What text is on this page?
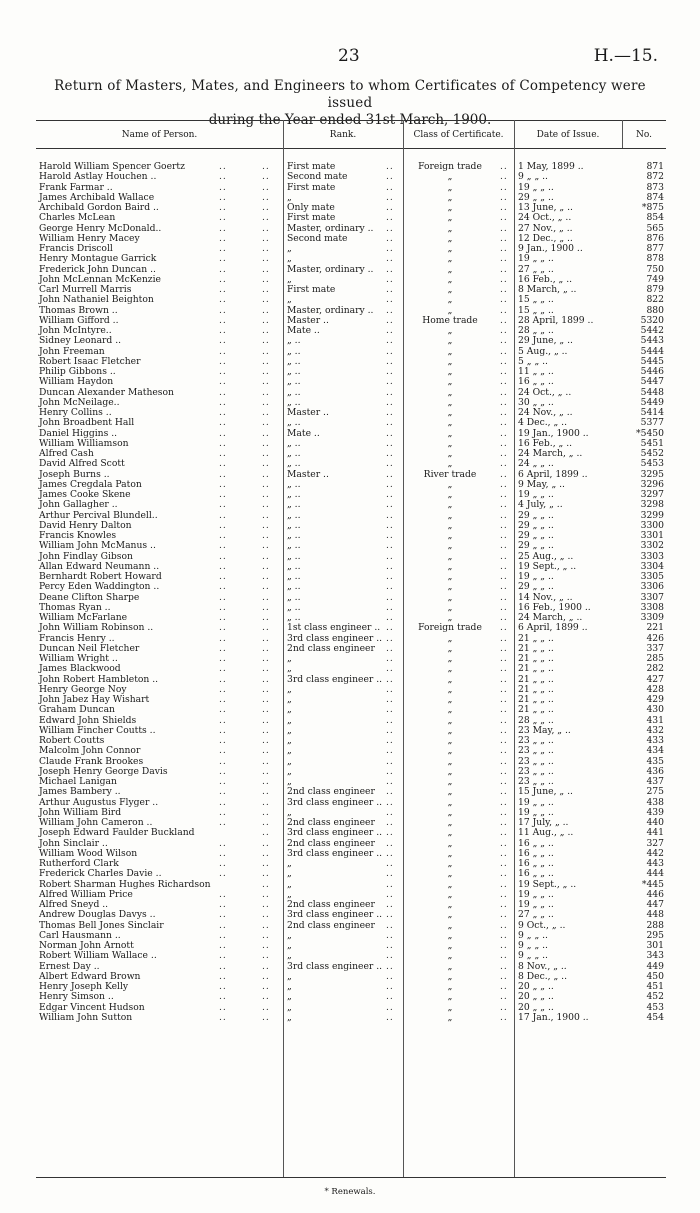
23	H.—15.
Return of Masters, Mates, and Engineers to whom Certificates of Competency were issued
during the Year ended 31st March, 1900.
Name of Person.	Rank.	Class of Certificate.	Date of Issue.	No.
Harold William Spencer Goertz	..	.. First mate	..	Foreign trade	.. 1 May, 1899 ..	871
Harold Astlay Houchen ..	..	.. Second mate	..	„	.. 9 „ „ ..	872
Frank Farmar ..	..	.. First mate	..	„	.. 19 „ „ ..	873
James Archibald Wallace	..	.. „	..	„	.. 29 „ „ ..	874
Archibald Gordon Baird ..	..	.. Only mate	..	„	.. 13 June, „ ..	*875
Charles McLean	..	.. First mate	..	„	.. 24 Oct., „ ..	854
George Henry McDonald..	..	.. Master, ordinary .. ..	„	.. 27 Nov., „ ..	565
William Henry Macey	..	.. Second mate	..	„	.. 12 Dec., „ ..	876
Francis Driscoll	..	.. „	..	„	.. 9 Jan., 1900 ..	877
Henry Montague Garrick	..	.. „	..	„	.. 19 „ „ ..	878
Frederick John Duncan ..	..	.. Master, ordinary .. ..	„	.. 27 „ „ ..	750
John McLennan McKenzie	..	.. „	..	„	.. 16 Feb., „ ..	749
Carl Murrell Marris	..	.. First mate	..	„	.. 8 March, „ ..	879
John Nathaniel Beighton	..	.. „	..	„	.. 15 „ „ ..	822
Thomas Brown ..	..	.. Master, ordinary .. ..	„	.. 15 „ „ ..	880
William Gifford ..	..	.. Master ..	..	Home trade	.. 28 April, 1899 ..	5320
John McIntyre..	..	.. Mate ..	..	„	.. 28 „ „ ..	5442
Sidney Leonard ..	..	.. „ ..	..	„	.. 29 June, „ ..	5443
John Freeman	..	.. „ ..	..	„	.. 5 Aug., „ ..	5444
Robert Isaac Fletcher	..	.. „ ..	..	„	.. 5 „ „ ..	5445
Philip Gibbons ..	..	.. „ ..	..	„	.. 11 „ „ ..	5446
William Haydon	..	.. „ ..	..	„	.. 16 „ „ ..	5447
Duncan Alexander Matheson	..	.. „ ..	..	„	.. 24 Oct., „ ..	5448
John McNeilage..	..	.. „ ..	..	„	.. 30 „ „ ..	5449
Henry Collins ..	..	.. Master ..	..	„	.. 24 Nov., „ ..	5414
John Broadbent Hall	..	.. „ ..	..	„	.. 4 Dec., „ ..	5377
Daniel Higgins ..	..	.. Mate ..	..	„	.. 19 Jan., 1900 ..	*5450
William Williamson	..	.. „ ..	..	„	.. 16 Feb., „ ..	5451
Alfred Cash	..	.. „ ..	..	„	.. 24 March, „ ..	5452
David Alfred Scott	..	.. „ ..	..	„	.. 24 „ „ ..	5453
Joseph Burns ..	..	.. Master ..	..	River trade	.. 6 April, 1899 ..	3295
James Cregdala Paton	..	.. „ ..	..	„	.. 9 May, „ ..	3296
James Cooke Skene	..	.. „ ..	..	„	.. 19 „ „ ..	3297
John Gallagher ..	..	.. „ ..	..	„	.. 4 July, „ ..	3298
Arthur Percival Blundell..	..	.. „ ..	..	„	.. 29 „ „ ..	3299
David Henry Dalton	..	.. „ ..	..	„	.. 29 „ „ ..	3300
Francis Knowles	..	.. „ ..	..	„	.. 29 „ „ ..	3301
William John McManus ..	..	.. „ ..	..	„	.. 29 „ „ ..	3302
John Findlay Gibson	..	.. „ ..	..	„	.. 25 Aug., „ ..	3303
Allan Edward Neumann ..	..	.. „ ..	..	„	.. 19 Sept., „ ..	3304
Bernhardt Robert Howard	..	.. „ ..	..	„	.. 19 „ „ ..	3305
Percy Eden Waddington ..	..	.. „ ..	..	„	.. 29 „ „ ..	3306
Deane Clifton Sharpe	..	.. „ ..	..	„	.. 14 Nov., „ ..	3307
Thomas Ryan ..	..	.. „ ..	..	„	.. 16 Feb., 1900 ..	3308
William McFarlane	..	.. „ ..	..	„	.. 24 March, „ ..	3309
John William Robinson ..	..	.. 1st class engineer .. ..	Foreign trade	.. 6 April, 1899 ..	221
Francis Henry ..	..	.. 3rd class engineer .. ..	„	.. 21 „ „ ..	426
Duncan Neil Fletcher	..	.. 2nd class engineer ..	„	.. 21 „ „ ..	337
William Wright ..	..	.. „	..	„	.. 21 „ „ ..	285
James Blackwood	..	.. „	..	„	.. 21 „ „ ..	282
John Robert Hambleton ..	..	.. 3rd class engineer .. ..	„	.. 21 „ „ ..	427
Henry George Noy	..	.. „	..	„	.. 21 „ „ ..	428
John Jabez Hay Wishart	..	.. „	..	„	.. 21 „ „ ..	429
Graham Duncan	..	.. „	..	„	.. 21 „ „ ..	430
Edward John Shields	..	.. „	..	„	.. 28 „ „ ..	431
William Fincher Coutts ..	..	.. „	..	„	.. 23 May, „ ..	432
Robert Coutts	..	.. „	..	„	.. 23 „ „ ..	433
Malcolm John Connor	..	.. „	..	„	.. 23 „ „ ..	434
Claude Frank Brookes	..	.. „	..	„	.. 23 „ „ ..	435
Joseph Henry George Davis	..	.. „	..	„	.. 23 „ „ ..	436
Michael Lanigan	..	.. „	..	„	.. 23 „ „ ..	437
James Bambery ..	..	.. 2nd class engineer ..	„	.. 15 June, „ ..	275
Arthur Augustus Flyger ..	..	.. 3rd class engineer .. ..	„	.. 19 „ „ ..	438
John William Bird	..	.. „	..	„	.. 19 „ „ ..	439
William John Cameron ..	..	.. 2nd class engineer ..	„	.. 17 July, „ ..	440
Joseph Edward Faulder Buckland	.. 3rd class engineer .. ..	„	.. 11 Aug., „ ..	441
John Sinclair ..	..	.. 2nd class engineer ..	„	.. 16 „ „ ..	327
William Wood Wilson	..	.. 3rd class engineer .. ..	„	.. 16 „ „ ..	442
Rutherford Clark	..	.. „	..	„	.. 16 „ „ ..	443
Frederick Charles Davie ..	..	.. „	..	„	.. 16 „ „ ..	444
Robert Sharman Hughes Richardson	.. „	..	„	.. 19 Sept., „ ..	*445
Alfred William Price	..	.. „	..	„	.. 19 „ „ ..	446
Alfred Sneyd ..	..	.. 2nd class engineer ..	„	.. 19 „ „ ..	447
Andrew Douglas Davys ..	..	.. 3rd class engineer .. ..	„	.. 27 „ „ ..	448
Thomas Bell Jones Sinclair	..	.. 2nd class engineer ..	„	.. 9 Oct., „ ..	288
Carl Hausmann ..	..	.. „	..	„	.. 9 „ „ ..	295
Norman John Arnott	..	.. „	..	„	.. 9 „ „ ..	301
Robert William Wallace ..	..	.. „	..	„	.. 9 „ „ ..	343
Ernest Day ..	..	.. 3rd class engineer .. ..	„	.. 8 Nov., „ ..	449
Albert Edward Brown	..	.. „	..	„	.. 8 Dec., „ ..	450
Henry Joseph Kelly	..	.. „	..	„	.. 20 „ „ ..	451
Henry Simson ..	..	.. „	..	„	.. 20 „ „ ..	452
Edgar Vincent Hudson	..	.. „	..	„	.. 20 „ „ ..	453
William John Sutton	..	.. „	..	„	.. 17 Jan., 1900 ..	454
* Renewals.
